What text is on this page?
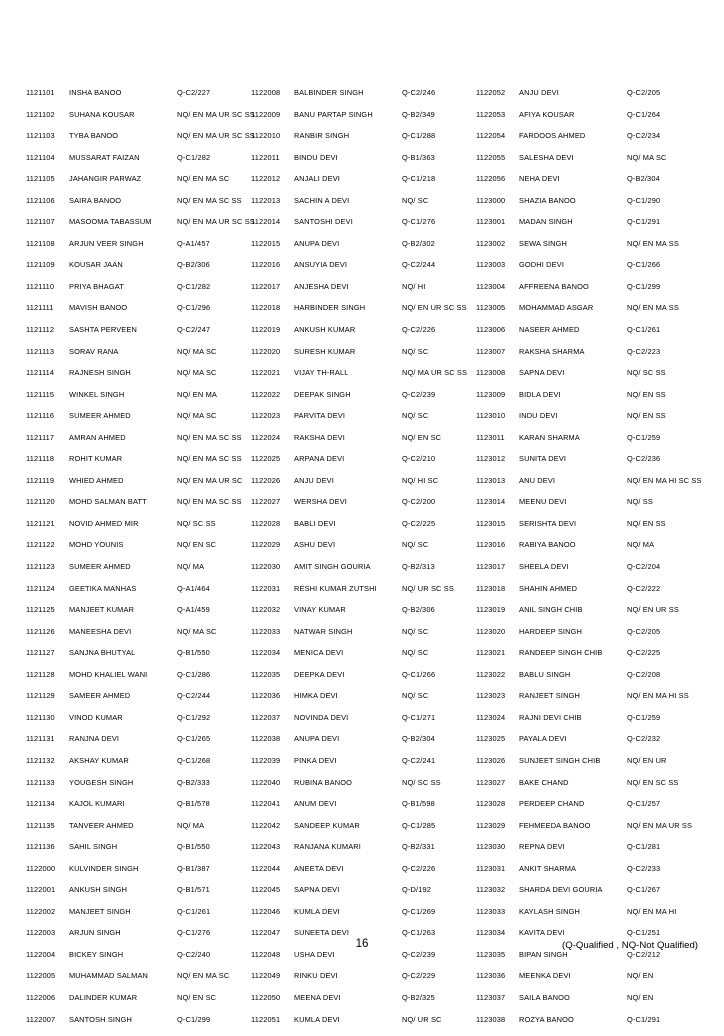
1121101	INSHA BANOO	Q-C2/227
1121102	SUHANA KOUSAR	NQ/ EN MA UR SC SS
1121103	TYBA BANOO	NQ/ EN MA UR SC SS
1121104	MUSSARAT FAIZAN	Q-C1/282
1121105	JAHANGIR PARWAZ	NQ/ EN MA SC
1121106	SAIRA BANOO	NQ/ EN MA SC SS
1121107	MASOOMA TABASSUM	NQ/ EN MA UR SC SS
1121108	ARJUN VEER SINGH	Q-A1/457
1121109	KOUSAR JAAN	Q-B2/306
1121110	PRIYA BHAGAT	Q-C1/282
1121111	MAVISH BANOO	Q-C1/296
1121112	SASHTA PERVEEN	Q-C2/247
1121113	SORAV RANA	NQ/ MA SC
1121114	RAJNESH SINGH	NQ/ MA SC
1121115	WINKEL SINGH	NQ/ EN MA
1121116	SUMEER AHMED	NQ/ MA SC
1121117	AMRAN AHMED	NQ/ EN MA SC SS
1121118	ROHIT KUMAR	NQ/ EN MA SC SS
1121119	WHIED AHMED	NQ/ EN MA UR SC
1121120	MOHD SALMAN BATT	NQ/ EN MA SC SS
1121121	NOVID AHMED MIR	NQ/ SC SS
1121122	MOHD YOUNIS	NQ/ EN SC
1121123	SUMEER AHMED	NQ/ MA
1121124	GEETIKA MANHAS	Q-A1/464
1121125	MANJEET KUMAR	Q-A1/459
1121126	MANEESHA DEVI	NQ/ MA SC
1121127	SANJNA BHUTYAL	Q-B1/550
1121128	MOHD KHALIEL WANI	Q-C1/286
1121129	SAMEER AHMED	Q-C2/244
1121130	VINOD KUMAR	Q-C1/292
1121131	RANJNA DEVI	Q-C1/265
1121132	AKSHAY KUMAR	Q-C1/268
1121133	YOUGESH SINGH	Q-B2/333
1121134	KAJOL KUMARI	Q-B1/578
1121135	TANVEER AHMED	NQ/ MA
1121136	SAHIL SINGH	Q-B1/550
1122000	KULVINDER SINGH	Q-B1/387
1122001	ANKUSH SINGH	Q-B1/571
1122002	MANJEET SINGH	Q-C1/261
1122003	ARJUN SINGH	Q-C1/276
1122004	BICKEY SINGH	Q-C2/240
1122005	MUHAMMAD SALMAN	NQ/ EN MA SC
1122006	DALINDER KUMAR	NQ/ EN SC
1122007	SANTOSH SINGH	Q-C1/299
1122008	BALBINDER SINGH	Q-C2/246
1122009	BANU PARTAP SINGH	Q-B2/349
1122010	RANBIR SINGH	Q-C1/288
1122011	BINDU DEVI	Q-B1/363
1122012	ANJALI DEVI	Q-C1/218
1122013	SACHIN A DEVI	NQ/ SC
1122014	SANTOSHI DEVI	Q-C1/276
1122015	ANUPA DEVI	Q-B2/302
1122016	ANSUYIA DEVI	Q-C2/244
1122017	ANJESHA DEVI	NQ/ HI
1122018	HARBINDER SINGH	NQ/ EN UR SC SS
1122019	ANKUSH KUMAR	Q-C2/226
1122020	SURESH KUMAR	NQ/ SC
1122021	VIJAY TH-RALL	NQ/ MA UR SC SS
1122022	DEEPAK SINGH	Q-C2/239
1122023	PARVITA DEVI	NQ/ SC
1122024	RAKSHA DEVI	NQ/ EN SC
1122025	ARPANA DEVI	Q-C2/210
1122026	ANJU DEVI	NQ/ HI SC
1122027	WERSHA DEVI	Q-C2/200
1122028	BABLI DEVI	Q-C2/225
1122029	ASHU DEVI	NQ/ SC
1122030	AMIT SINGH GOURIA	Q-B2/313
1122031	RESHI KUMAR ZUTSHI	NQ/ UR SC SS
1122032	VINAY KUMAR	Q-B2/306
1122033	NATWAR SINGH	NQ/ SC
1122034	MENICA DEVI	NQ/ SC
1122035	DEEPKA DEVI	Q-C1/266
1122036	HIMKA DEVI	NQ/ SC
1122037	NOVINDA DEVI	Q-C1/271
1122038	ANUPA DEVI	Q-B2/304
1122039	PINKA DEVI	Q-C2/241
1122040	RUBINA BANOO	NQ/ SC SS
1122041	ANUM DEVI	Q-B1/598
1122042	SANDEEP KUMAR	Q-C1/285
1122043	RANJANA KUMARI	Q-B2/331
1122044	ANEETA DEVI	Q-C2/226
1122045	SAPNA DEVI	Q-D/192
1122046	KUMLA DEVI	Q-C1/269
1122047	SUNEETA DEVI	Q-C1/263
1122048	USHA DEVI	Q-C2/239
1122049	RINKU DEVI	Q-C2/229
1122050	MEENA DEVI	Q-B2/325
1122051	KUMLA DEVI	NQ/ UR SC
1122052	ANJU DEVI	Q-C2/205
1122053	AFIYA KOUSAR	Q-C1/264
1122054	FARDOOS AHMED	Q-C2/234
1122055	SALESHA DEVI	NQ/ MA SC
1122056	NEHA DEVI	Q-B2/304
1123000	SHAZIA BANOO	Q-C1/290
1123001	MADAN SINGH	Q-C1/291
1123002	SEWA SINGH	NQ/ EN MA SS
1123003	GODHI DEVI	Q-C1/266
1123004	AFFREENA BANOO	Q-C1/299
1123005	MOHAMMAD ASGAR	NQ/ EN MA SS
1123006	NASEER AHMED	Q-C1/261
1123007	RAKSHA SHARMA	Q-C2/223
1123008	SAPNA DEVI	NQ/ SC SS
1123009	BIDLA DEVI	NQ/ EN SS
1123010	INDU DEVI	NQ/ EN SS
1123011	KARAN SHARMA	Q-C1/259
1123012	SUNITA DEVI	Q-C2/236
1123013	ANU DEVI	NQ/ EN MA HI SC SS
1123014	MEENU DEVI	NQ/ SS
1123015	SERISHTA DEVI	NQ/ EN SS
1123016	RABIYA BANOO	NQ/ MA
1123017	SHEELA DEVI	Q-C2/204
1123018	SHAHIN AHMED	Q-C2/222
1123019	ANIL SINGH CHIB	NQ/ EN UR SS
1123020	HARDEEP SINGH	Q-C2/205
1123021	RANDEEP SINGH CHIB	Q-C2/225
1123022	BABLU SINGH	Q-C2/208
1123023	RANJEET SINGH	NQ/ EN MA HI SS
1123024	RAJNI DEVI CHIB	Q-C1/259
1123025	PAYALA DEVI	Q-C2/232
1123026	SUNJEET SINGH CHIB	NQ/ EN UR
1123027	BAKE CHAND	NQ/ EN SC SS
1123028	PERDEEP CHAND	Q-C1/257
1123029	FEHMEEDA BANOO	NQ/ EN MA UR SS
1123030	REPNA DEVI	Q-C1/281
1123031	ANKIT SHARMA	Q-C2/233
1123032	SHARDA DEVI GOURIA	Q-C1/267
1123033	KAYLASH SINGH	NQ/ EN MA HI
1123034	KAVITA DEVI	Q-C1/251
1123035	BIPAN SINGH	Q-C2/212
1123036	MEENKA DEVI	NQ/ EN
1123037	SAILA BANOO	NQ/ EN
1123038	ROZYA BANOO	Q-C1/291
16	(Q-Qualified , NQ-Not Qualified)
